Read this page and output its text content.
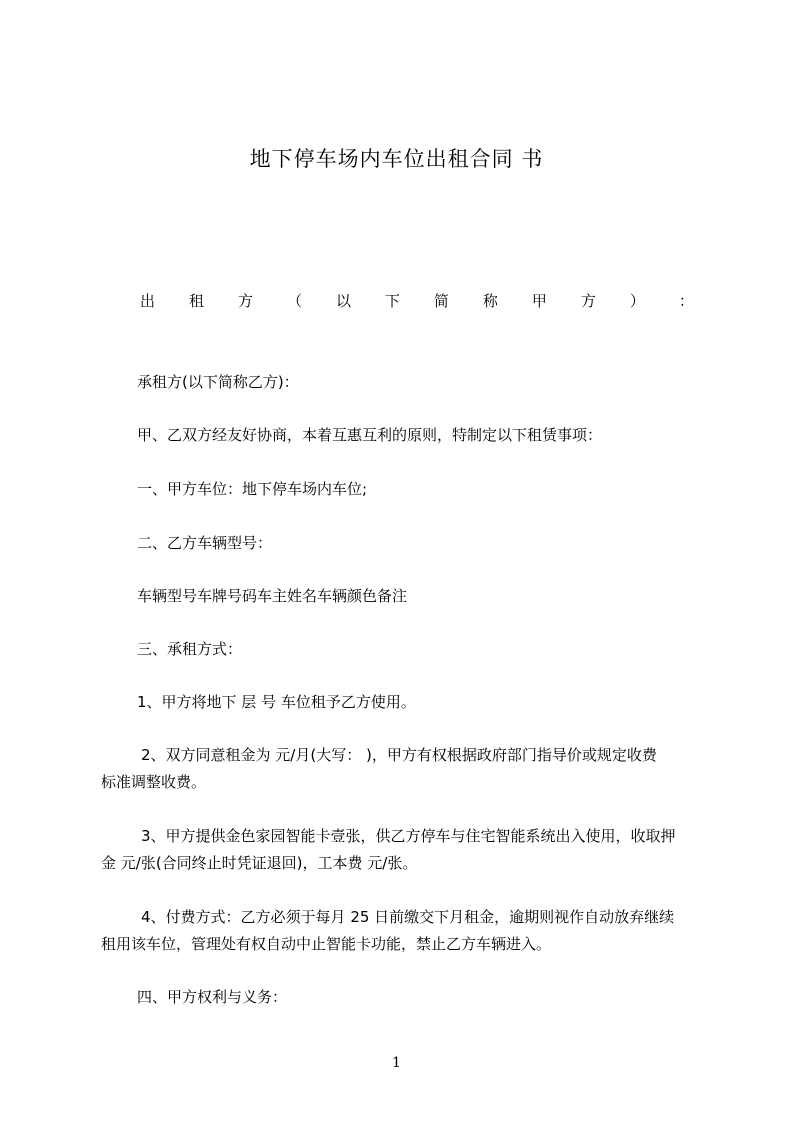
地下停车场内车位出租合同 书
出 租 方 （ 以 下 简 称 甲 方 ） ：
承租方(以下简称乙方)：
甲、乙双方经友好协商，本着互惠互利的原则，特制定以下租赁事项：
一、甲方车位：地下停车场内车位;
二、乙方车辆型号：
车辆型号车牌号码车主姓名车辆颜色备注
三、承租方式：
1、甲方将地下 层 号 车位租予乙方使用。
2、双方同意租金为 元/月(大写： )，甲方有权根据政府部门指导价或规定收费
标准调整收费。
3、甲方提供金色家园智能卡壹张，供乙方停车与住宅智能系统出入使用，收取押
金 元/张(合同终止时凭证退回)，工本费 元/张。
4、付费方式：乙方必须于每月 25 日前缴交下月租金，逾期则视作自动放弃继续
租用该车位，管理处有权自动中止智能卡功能，禁止乙方车辆进入。
四、甲方权利与义务：
1
